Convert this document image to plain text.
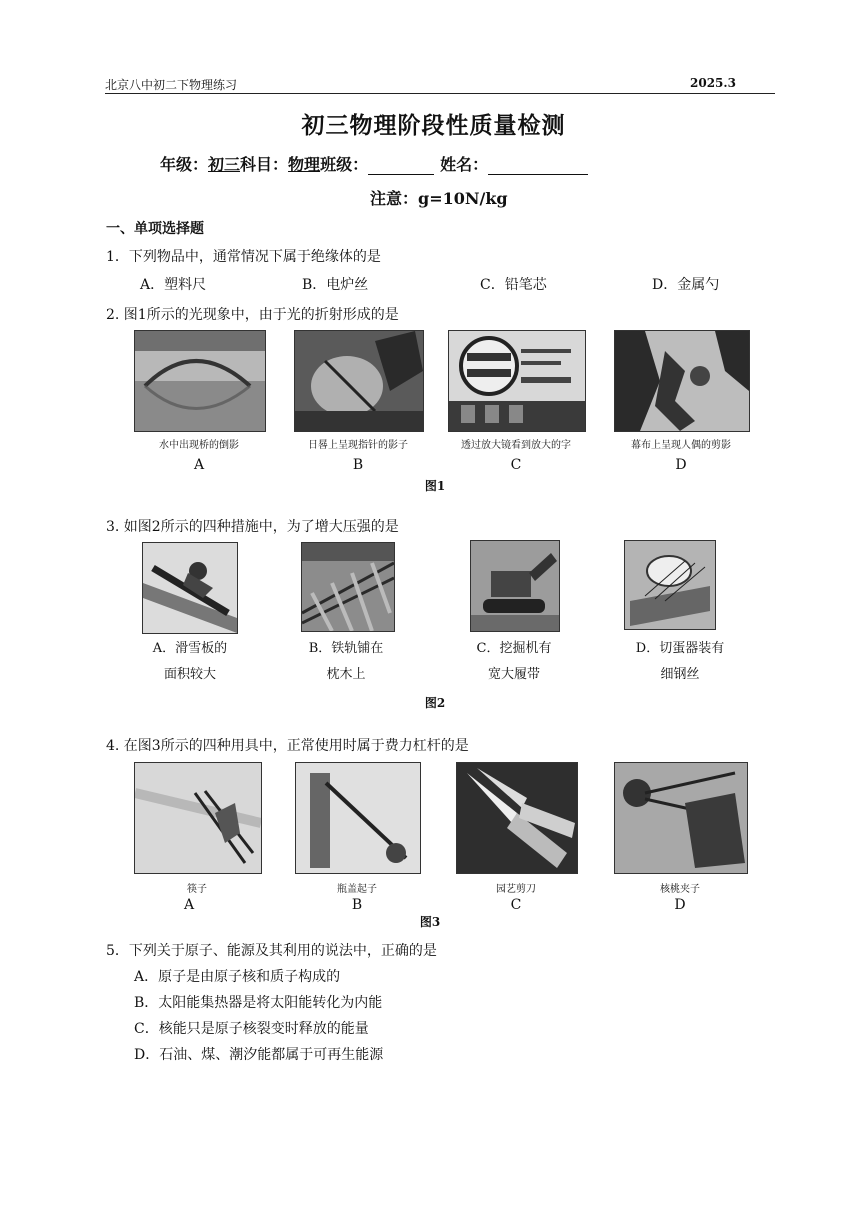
北京八中初二下物理练习	2025.3
初三物理阶段性质量检测
年级：初三科目：物理班级：	姓名：
注意：g=10N/kg
一、单项选择题
1．下列物品中，通常情况下属于绝缘体的是
A．塑料尺	B．电炉丝	C．铅笔芯	D．金属勺
2. 图1所示的光现象中，由于光的折射形成的是
水中出现桥的倒影	日晷上呈现指针的影子	透过放大镜看到放大的字	幕布上呈现人偶的剪影
A	B	C	D
图1
3. 如图2所示的四种措施中，为了增大压强的是
A．滑雪板的
面积较大
B．铁轨铺在
枕木上
C．挖掘机有
宽大履带
D．切蛋器装有
细钢丝
图2
4. 在图3所示的四种用具中，正常使用时属于费力杠杆的是
筷子	瓶盖起子	园艺剪刀	核桃夹子
A	B	C	D
图3
5．下列关于原子、能源及其利用的说法中，正确的是
A．原子是由原子核和质子构成的
B．太阳能集热器是将太阳能转化为内能
C．核能只是原子核裂变时释放的能量
D．石油、煤、潮汐能都属于可再生能源
